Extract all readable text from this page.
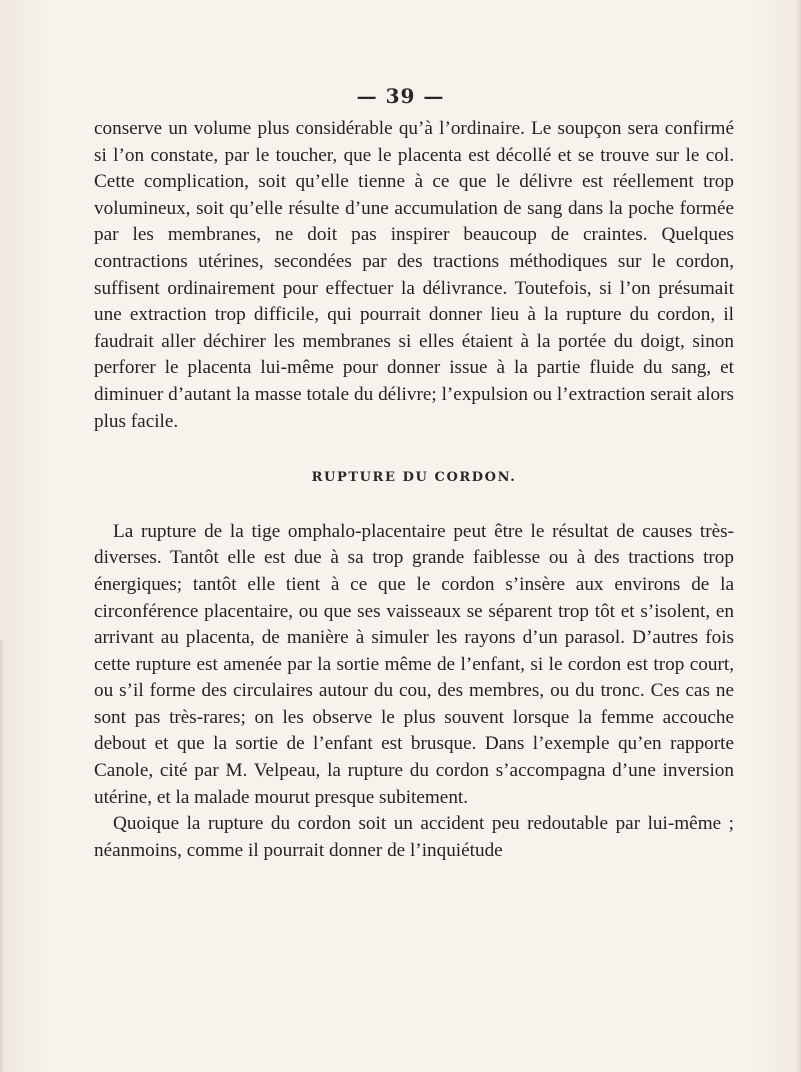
— 39 —

conserve un volume plus considérable qu’à l’ordinaire. Le soupçon sera confirmé si l’on constate, par le toucher, que le placenta est décollé et se trouve sur le col. Cette complication, soit qu’elle tienne à ce que le délivre est réellement trop volumineux, soit qu’elle résulte d’une accumulation de sang dans la poche formée par les membranes, ne doit pas inspirer beaucoup de craintes. Quelques contractions utérines, secondées par des tractions méthodiques sur le cordon, suffisent ordinairement pour effectuer la délivrance. Toutefois, si l’on présumait une extraction trop difficile, qui pourrait donner lieu à la rupture du cordon, il faudrait aller déchirer les membranes si elles étaient à la portée du doigt, sinon perforer le placenta lui-même pour donner issue à la partie fluide du sang, et diminuer d’autant la masse totale du délivre; l’expulsion ou l’extraction serait alors plus facile.

RUPTURE DU CORDON.

La rupture de la tige omphalo-placentaire peut être le résultat de causes très-diverses. Tantôt elle est due à sa trop grande faiblesse ou à des tractions trop énergiques; tantôt elle tient à ce que le cordon s’insère aux environs de la circonférence placentaire, ou que ses vaisseaux se séparent trop tôt et s’isolent, en arrivant au placenta, de manière à simuler les rayons d’un parasol. D’autres fois cette rupture est amenée par la sortie même de l’enfant, si le cordon est trop court, ou s’il forme des circulaires autour du cou, des membres, ou du tronc. Ces cas ne sont pas très-rares; on les observe le plus souvent lorsque la femme accouche debout et que la sortie de l’enfant est brusque. Dans l’exemple qu’en rapporte Canole, cité par M. Velpeau, la rupture du cordon s’accompagna d’une inversion utérine, et la malade mourut presque subitement.

Quoique la rupture du cordon soit un accident peu redoutable par lui-même ; néanmoins, comme il pourrait donner de l’inquiétude
